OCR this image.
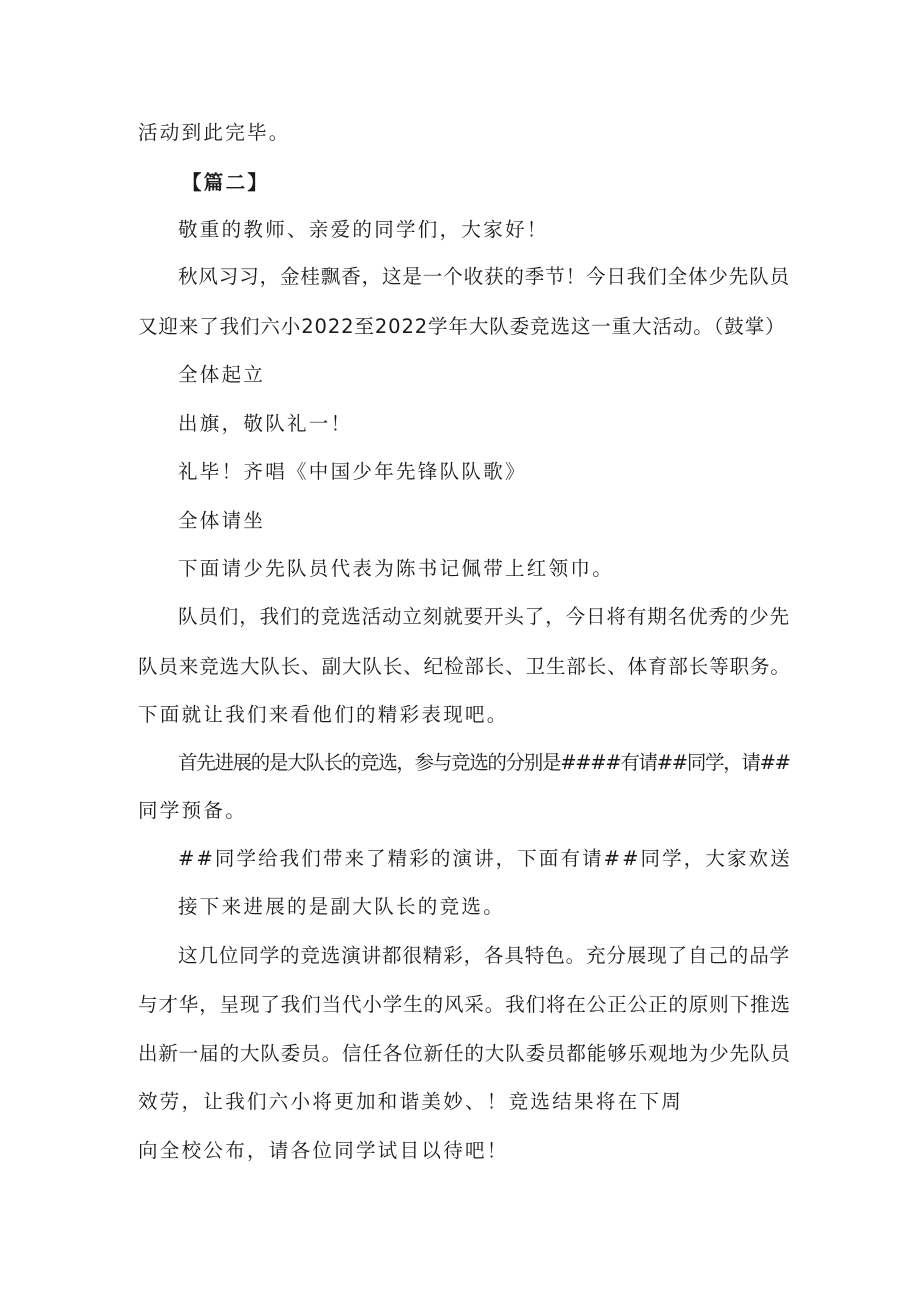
活动到此完毕。

【篇二】

敬重的教师、亲爱的同学们，大家好！

秋风习习，金桂飘香，这是一个收获的季节！今日我们全体少先队员

又迎来了我们六小2022至2022学年大队委竞选这一重大活动。（鼓掌）

全体起立

出旗，敬队礼一！

礼毕！齐唱《中国少年先锋队队歌》

全体请坐

下面请少先队员代表为陈书记佩带上红领巾。

队员们，我们的竞选活动立刻就要开头了，今日将有期名优秀的少先

队员来竞选大队长、副大队长、纪检部长、卫生部长、体育部长等职务。

下面就让我们来看他们的精彩表现吧。

首先进展的是大队长的竞选，参与竞选的分别是####有请##同学，请##

同学预备。

##同学给我们带来了精彩的演讲，下面有请##同学，大家欢送

接下来进展的是副大队长的竞选。

这几位同学的竞选演讲都很精彩，各具特色。充分展现了自己的品学

与才华，呈现了我们当代小学生的风采。我们将在公正公正的原则下推选

出新一届的大队委员。信任各位新任的大队委员都能够乐观地为少先队员

效劳，让我们六小将更加和谐美妙、！竞选结果将在下周

向全校公布，请各位同学试目以待吧！
